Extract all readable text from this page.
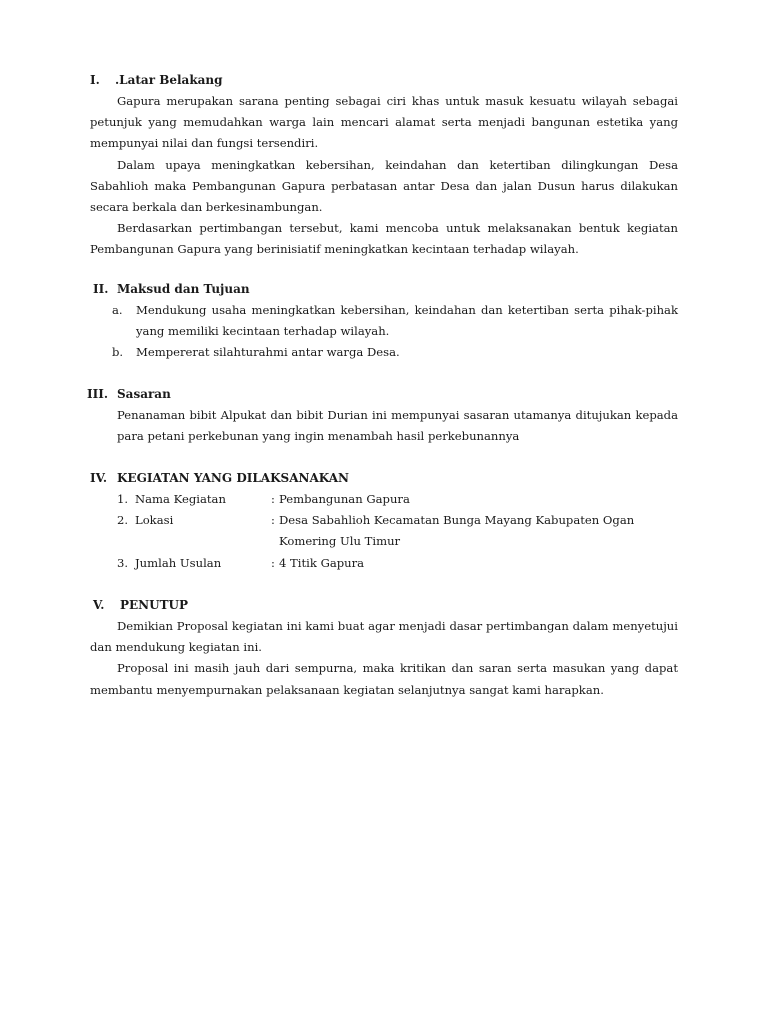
I. .Latar Belakang

Gapura merupakan sarana penting sebagai ciri khas untuk masuk kesuatu wilayah sebagai petunjuk yang memudahkan warga lain mencari alamat serta menjadi bangunan estetika yang mempunyai nilai dan fungsi tersendiri.

Dalam upaya meningkatkan kebersihan, keindahan dan ketertiban dilingkungan Desa Sabahlioh maka Pembangunan Gapura perbatasan antar Desa dan jalan Dusun harus dilakukan secara berkala dan berkesinambungan.

Berdasarkan pertimbangan tersebut, kami mencoba untuk melaksanakan bentuk kegiatan Pembangunan Gapura yang berinisiatif meningkatkan kecintaan terhadap wilayah.

II. Maksud dan Tujuan
a. Mendukung usaha meningkatkan kebersihan, keindahan dan ketertiban serta pihak-pihak yang memiliki kecintaan terhadap wilayah.
b. Mempererat silahturahmi antar warga Desa.
III. Sasaran

Penanaman bibit Alpukat dan bibit Durian ini mempunyai sasaran utamanya ditujukan kepada para petani perkebunan yang ingin menambah hasil perkebunannya

IV. KEGIATAN YANG DILAKSANAKAN
1. Nama Kegiatan	: Pembangunan Gapura
2. Lokasi	: Desa Sabahlioh Kecamatan Bunga Mayang Kabupaten Ogan Komering Ulu Timur
3. Jumlah Usulan	: 4 Titik Gapura
V. PENUTUP

Demikian Proposal kegiatan ini kami buat agar menjadi dasar pertimbangan dalam menyetujui dan mendukung kegiatan ini.

Proposal ini masih jauh dari sempurna, maka kritikan dan saran serta masukan yang dapat membantu menyempurnakan pelaksanaan kegiatan selanjutnya sangat kami harapkan.
